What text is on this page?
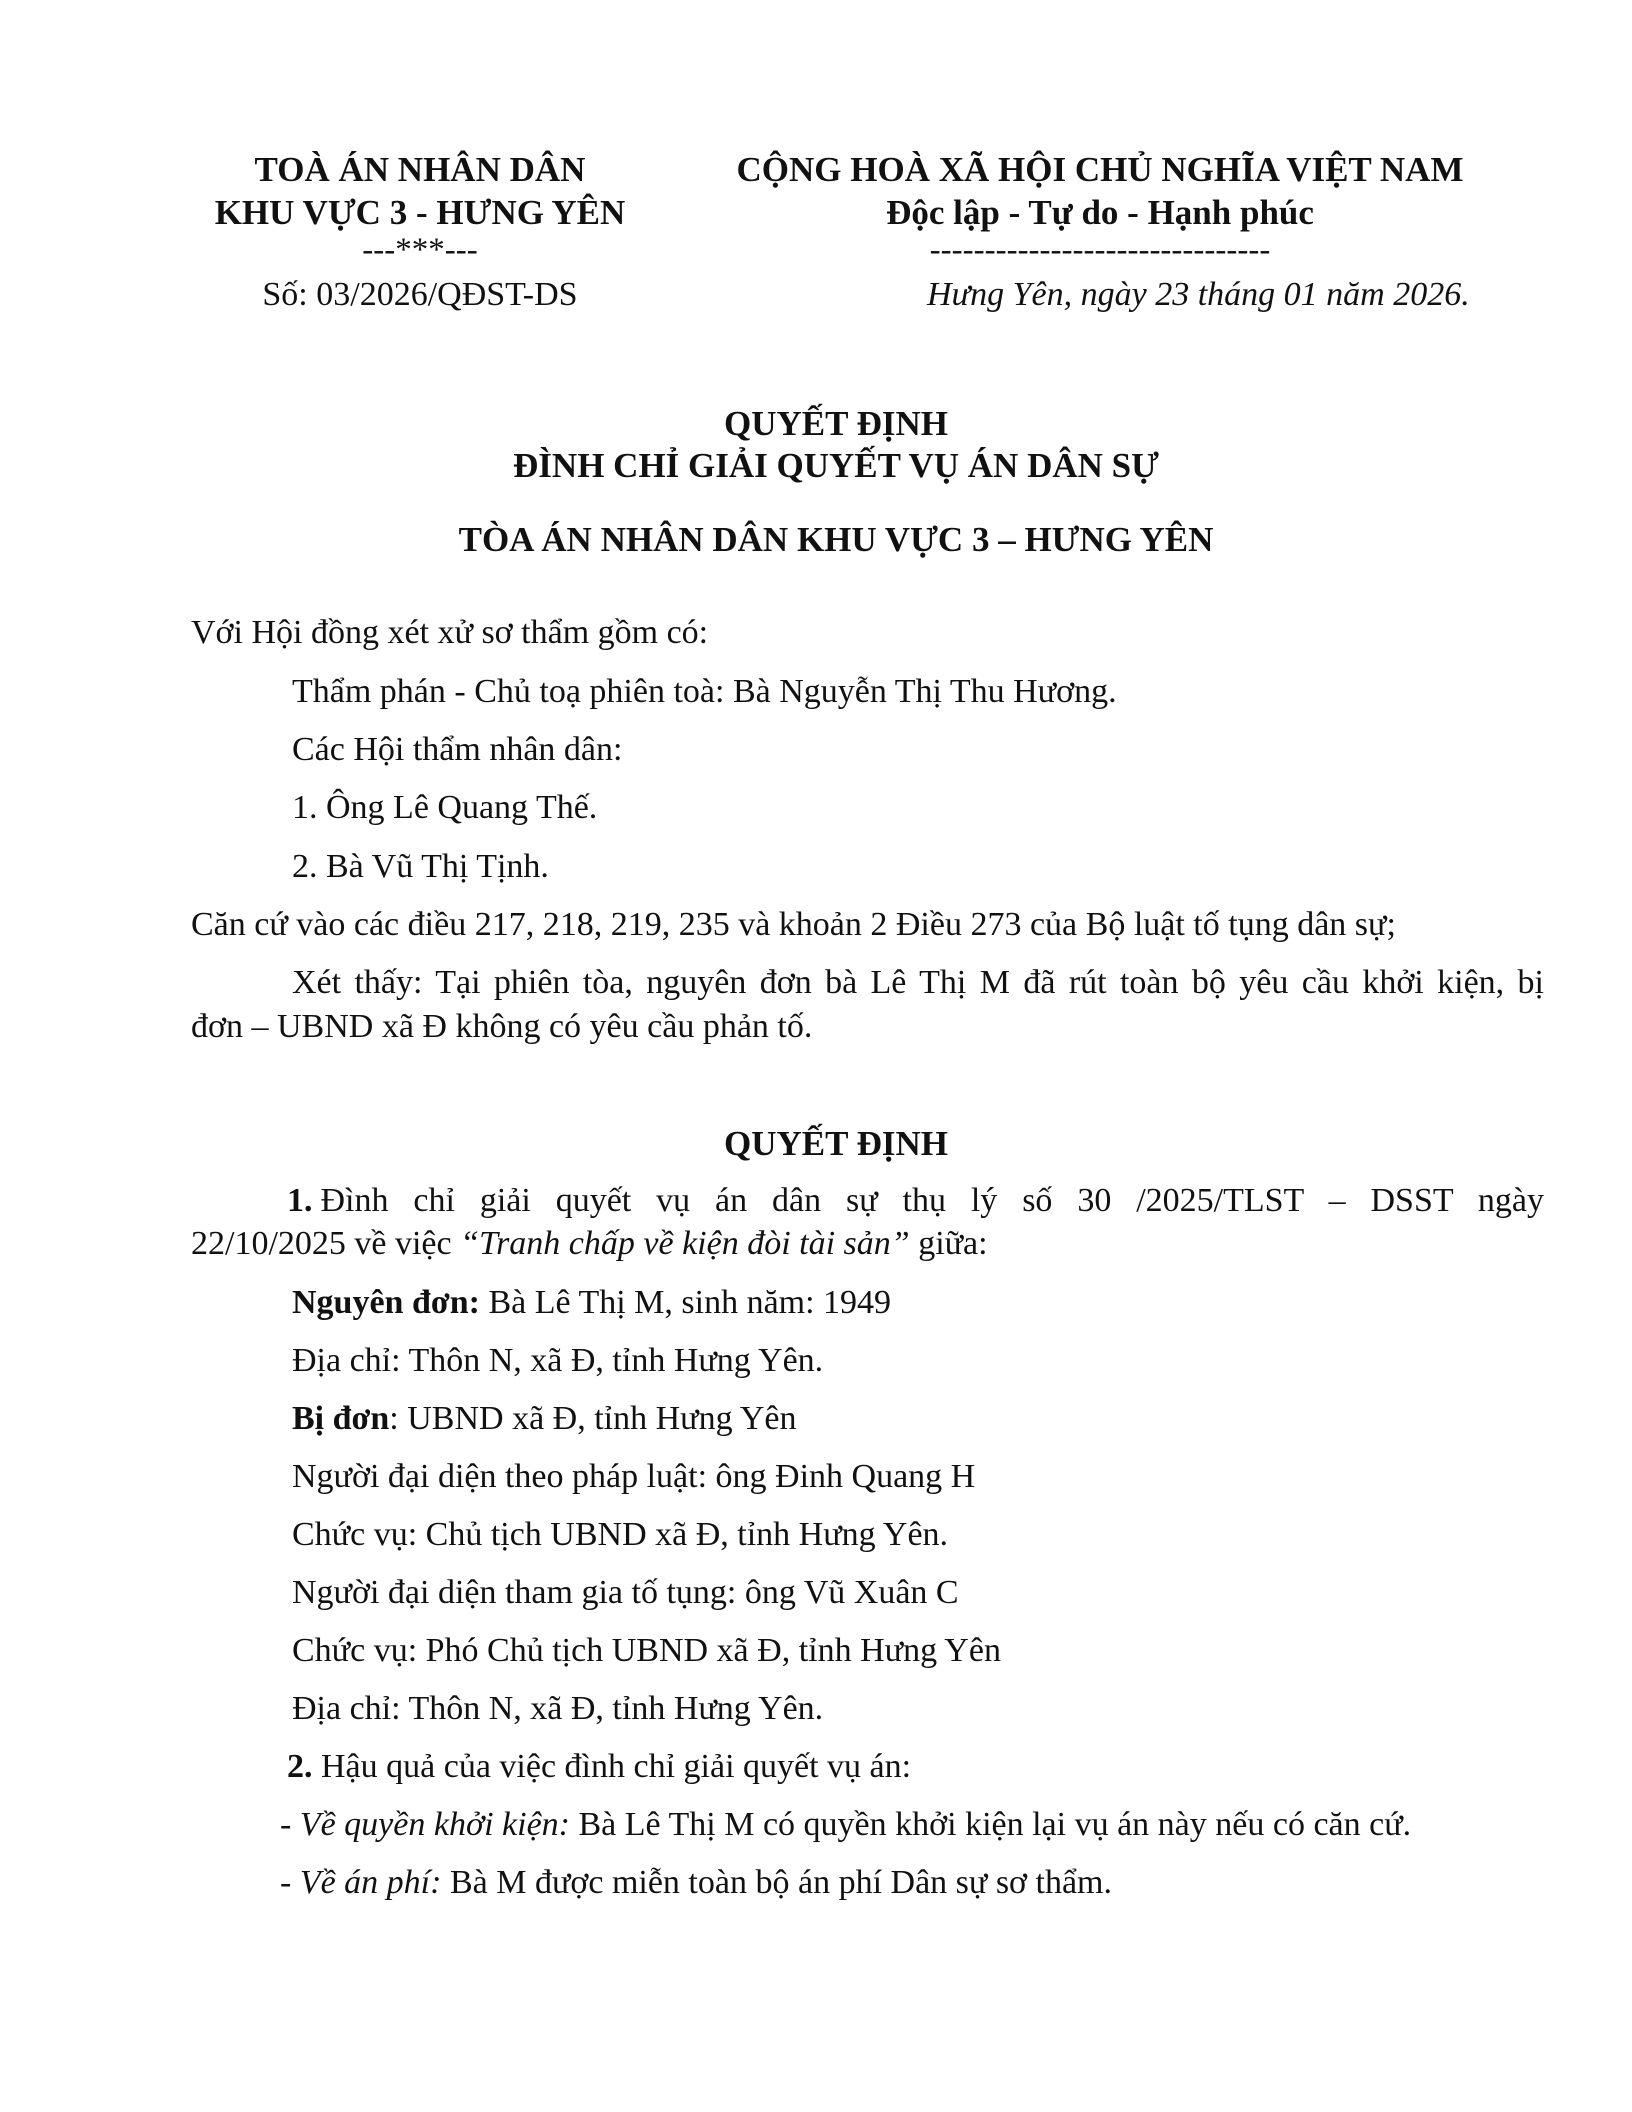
TOÀ ÁN NHÂN DÂN
KHU VỰC 3 - HƯNG YÊN
---***---
Số: 03/2026/QĐST-DS
CỘNG HOÀ XÃ HỘI CHỦ NGHĨA VIỆT NAM
Độc lập - Tự do - Hạnh phúc
-------------------------------
Hưng Yên, ngày 23 tháng 01 năm 2026.
QUYẾT ĐỊNH
ĐÌNH CHỈ GIẢI QUYẾT VỤ ÁN DÂN SỰ
TÒA ÁN NHÂN DÂN KHU VỰC 3 – HƯNG YÊN
Với Hội đồng xét xử sơ thẩm gồm có:
Thẩm phán - Chủ toạ phiên toà: Bà Nguyễn Thị Thu Hương.
Các Hội thẩm nhân dân:
1. Ông Lê Quang Thế.
2. Bà Vũ Thị Tịnh.
Căn cứ vào các điều 217, 218, 219, 235 và khoản 2 Điều 273 của Bộ luật tố tụng dân sự;
Xét thấy: Tại phiên tòa, nguyên đơn bà Lê Thị M đã rút toàn bộ yêu cầu khởi kiện, bị
đơn – UBND xã Đ không có yêu cầu phản tố.
QUYẾT ĐỊNH
1. Đình chỉ giải quyết vụ án dân sự thụ lý số 30 /2025/TLST – DSST ngày
22/10/2025 về việc “Tranh chấp về kiện đòi tài sản” giữa:
Nguyên đơn: Bà Lê Thị M, sinh năm: 1949
Địa chỉ: Thôn N, xã Đ, tỉnh Hưng Yên.
Bị đơn: UBND xã Đ, tỉnh Hưng Yên
Người đại diện theo pháp luật: ông Đinh Quang H
Chức vụ: Chủ tịch UBND xã Đ, tỉnh Hưng Yên.
Người đại diện tham gia tố tụng: ông Vũ Xuân C
Chức vụ: Phó Chủ tịch UBND xã Đ, tỉnh Hưng Yên
Địa chỉ: Thôn N, xã Đ, tỉnh Hưng Yên.
2. Hậu quả của việc đình chỉ giải quyết vụ án:
- Về quyền khởi kiện: Bà Lê Thị M có quyền khởi kiện lại vụ án này nếu có căn cứ.
- Về án phí: Bà M được miễn toàn bộ án phí Dân sự sơ thẩm.
